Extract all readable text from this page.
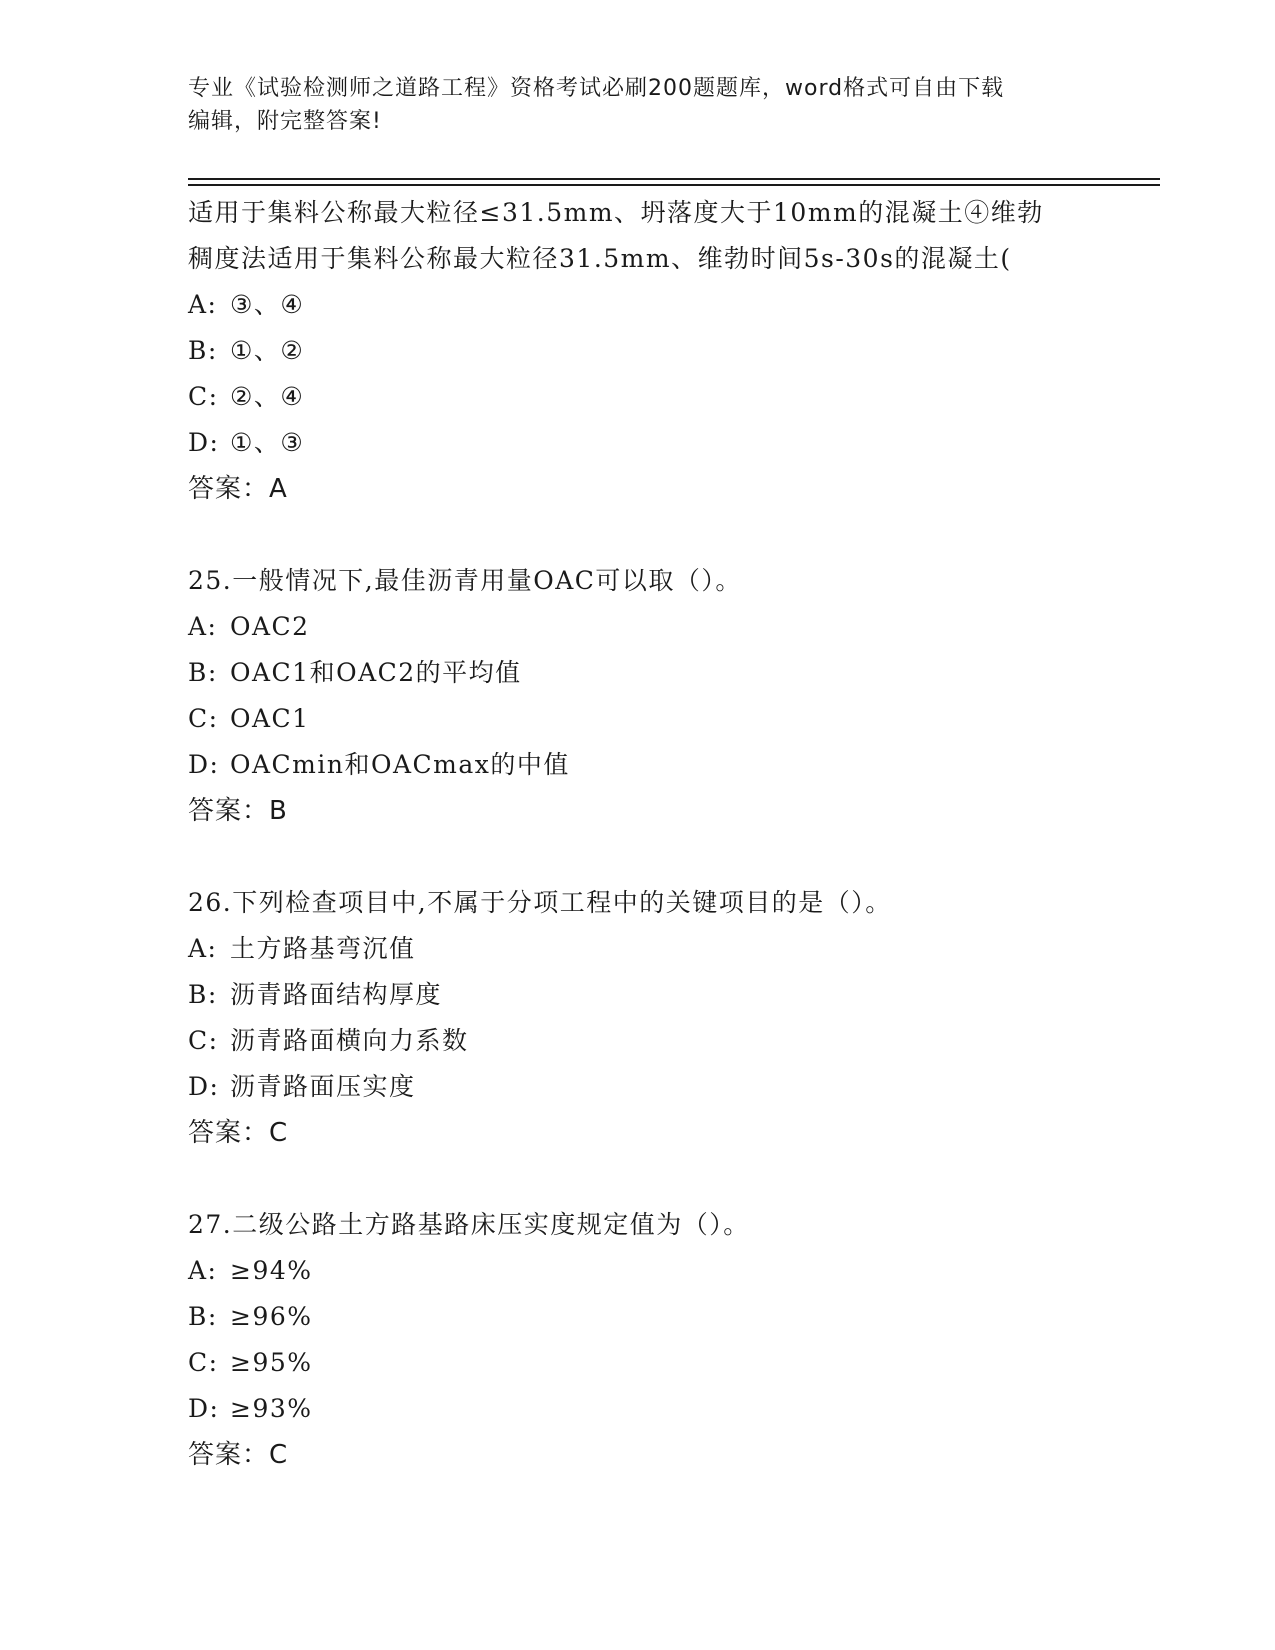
专业《试验检测师之道路工程》资格考试必刷200题题库，word格式可自由下载
编辑，附完整答案!
适用于集料公称最大粒径≤31.5mm、坍落度大于10mm的混凝土④维勃
稠度法适用于集料公称最大粒径31.5mm、维勃时间5s-30s的混凝土(
A: ③、④
B: ①、②
C: ②、④
D: ①、③
答案：A
25.一般情况下,最佳沥青用量OAC可以取（）。
A: OAC2
B: OAC1和OAC2的平均值
C: OAC1
D: OACmin和OACmax的中值
答案：B
26.下列检查项目中,不属于分项工程中的关键项目的是（）。
A: 土方路基弯沉值
B: 沥青路面结构厚度
C: 沥青路面横向力系数
D: 沥青路面压实度
答案：C
27.二级公路土方路基路床压实度规定值为（）。
A: ≥94%
B: ≥96%
C: ≥95%
D: ≥93%
答案：C
